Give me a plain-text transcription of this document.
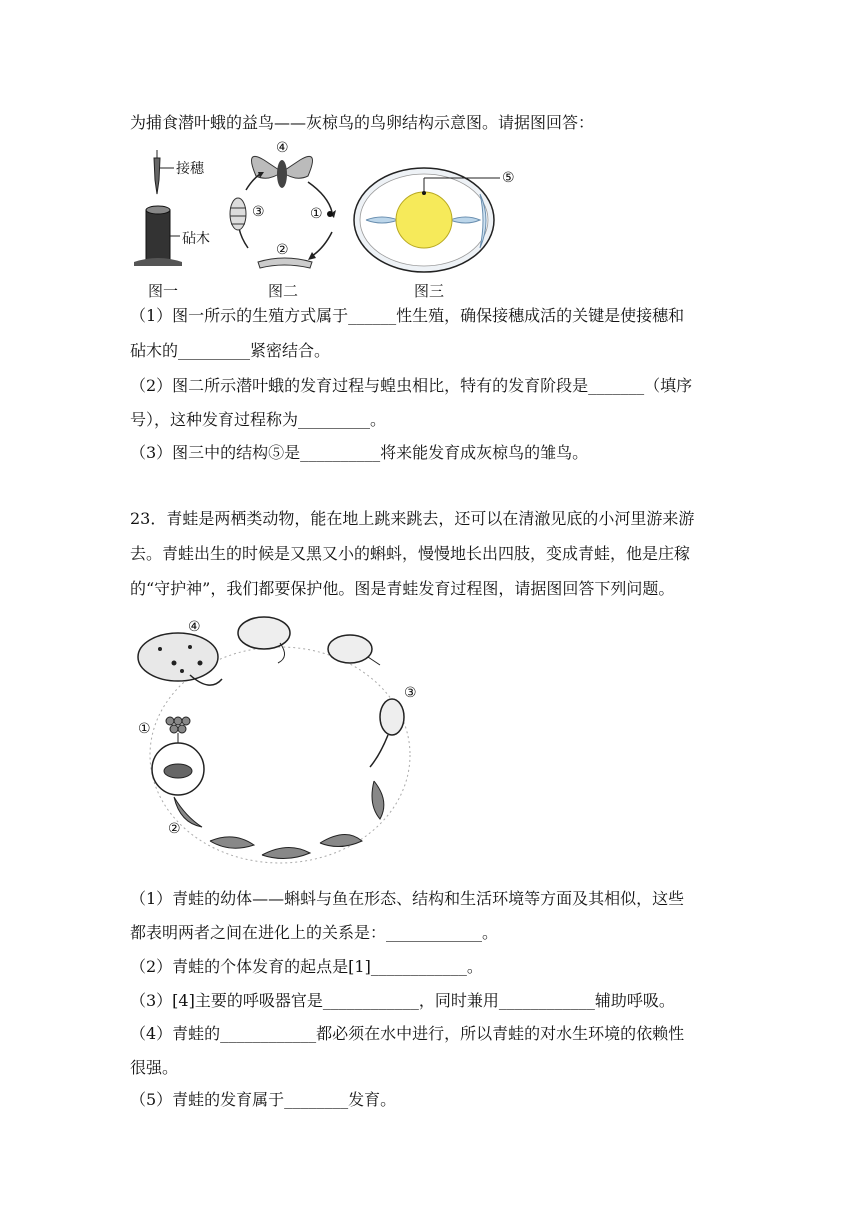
为捕食潜叶蛾的益鸟——灰椋鸟的鸟卵结构示意图。请据图回答：
接穗
砧木
图一
④
①
②
③
图二
⑤
图三
（1）图一所示的生殖方式属于______性生殖，确保接穗成活的关键是使接穗和
砧木的_________紧密结合。
（2）图二所示潜叶蛾的发育过程与蝗虫相比，特有的发育阶段是_______（填序
号），这种发育过程称为_________。
（3）图三中的结构⑤是__________将来能发育成灰椋鸟的雏鸟。
23．青蛙是两栖类动物，能在地上跳来跳去，还可以在清澈见底的小河里游来游
去。青蛙出生的时候是又黑又小的蝌蚪，慢慢地长出四肢，变成青蛙，他是庄稼
的“守护神”，我们都要保护他。图是青蛙发育过程图，请据图回答下列问题。
④
③
①
②
（1）青蛙的幼体——蝌蚪与鱼在形态、结构和生活环境等方面及其相似，这些
都表明两者之间在进化上的关系是：____________。
（2）青蛙的个体发育的起点是[1]____________。
（3）[4]主要的呼吸器官是____________，同时兼用____________辅助呼吸。
（4）青蛙的____________都必须在水中进行，所以青蛙的对水生环境的依赖性
很强。
（5）青蛙的发育属于________发育。
